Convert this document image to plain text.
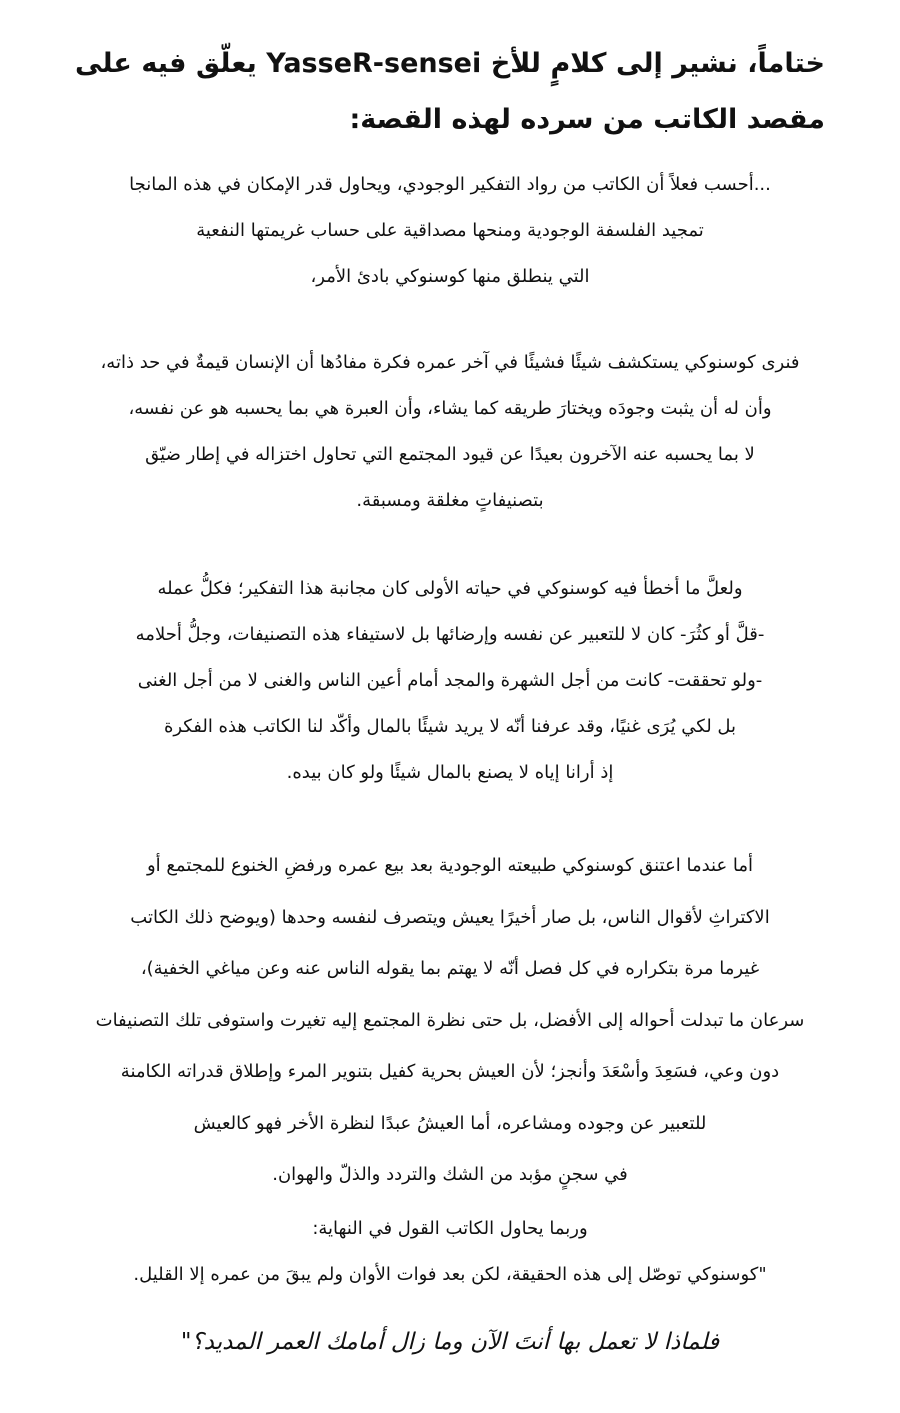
ختاماً، نشير إلى كلامٍ للأخ YasseR-sensei يعلّق فيه على مقصد الكاتب من سرده لهذه القصة:

...أحسب فعلاً أن الكاتب من رواد التفكير الوجودي، ويحاول قدر الإمكان في هذه المانجا
تمجيد الفلسفة الوجودية ومنحها مصداقية على حساب غريمتها النفعية
التي ينطلق منها كوسنوكي بادئ الأمر،

فنرى كوسنوكي يستكشف شيئًا فشيئًا في آخر عمره فكرة مفادُها أن الإنسان قيمةٌ في حد ذاته،
وأن له أن يثبت وجودَه ويختارَ طريقه كما يشاء، وأن العبرة هي بما يحسبه هو عن نفسه،
لا بما يحسبه عنه الآخرون بعيدًا عن قيود المجتمع التي تحاول اختزاله في إطار ضيّق
بتصنيفاتٍ مغلقة ومسبقة.

ولعلَّ ما أخطأ فيه كوسنوكي في حياته الأولى كان مجانبة هذا التفكير؛ فكلُّ عمله
-قلَّ أو كثُرَ- كان لا للتعبير عن نفسه وإرضائها بل لاستيفاء هذه التصنيفات، وجلُّ أحلامه
-ولو تحققت- كانت من أجل الشهرة والمجد أمام أعين الناس والغنى لا من أجل الغنى
بل لكي يُرَى غنيًا، وقد عرفنا أنّه لا يريد شيئًا بالمال وأكّد لنا الكاتب هذه الفكرة
إذ أرانا إياه لا يصنع بالمال شيئًا ولو كان بيده.

أما عندما اعتنق كوسنوكي طبيعته الوجودية بعد بيع عمره ورفضِ الخنوع للمجتمع أو
الاكتراثِ لأقوال الناس، بل صار أخيرًا يعيش ويتصرف لنفسه وحدها (ويوضح ذلك الكاتب
غيرما مرة بتكراره في كل فصل أنّه لا يهتم بما يقوله الناس عنه وعن مياغي الخفية)،
سرعان ما تبدلت أحواله إلى الأفضل، بل حتى نظرة المجتمع إليه تغيرت واستوفى تلك التصنيفات
دون وعي، فسَعِدَ وأسْعَدَ وأنجز؛ لأن العيش بحرية كفيل بتنوير المرء وإطلاق قدراته الكامنة
للتعبير عن وجوده ومشاعره، أما العيشُ عبدًا لنظرة الأخر فهو كالعيش
في سجنٍ مؤبد من الشك والتردد والذلّ والهوان.

وربما يحاول الكاتب القول في النهاية:
"كوسنوكي توصّل إلى هذه الحقيقة، لكن بعد فوات الأوان ولم يبقَ من عمره إلا القليل.

فلماذا لا تعمل بها أنتَ الآن وما زال أمامك العمر المديد؟"
